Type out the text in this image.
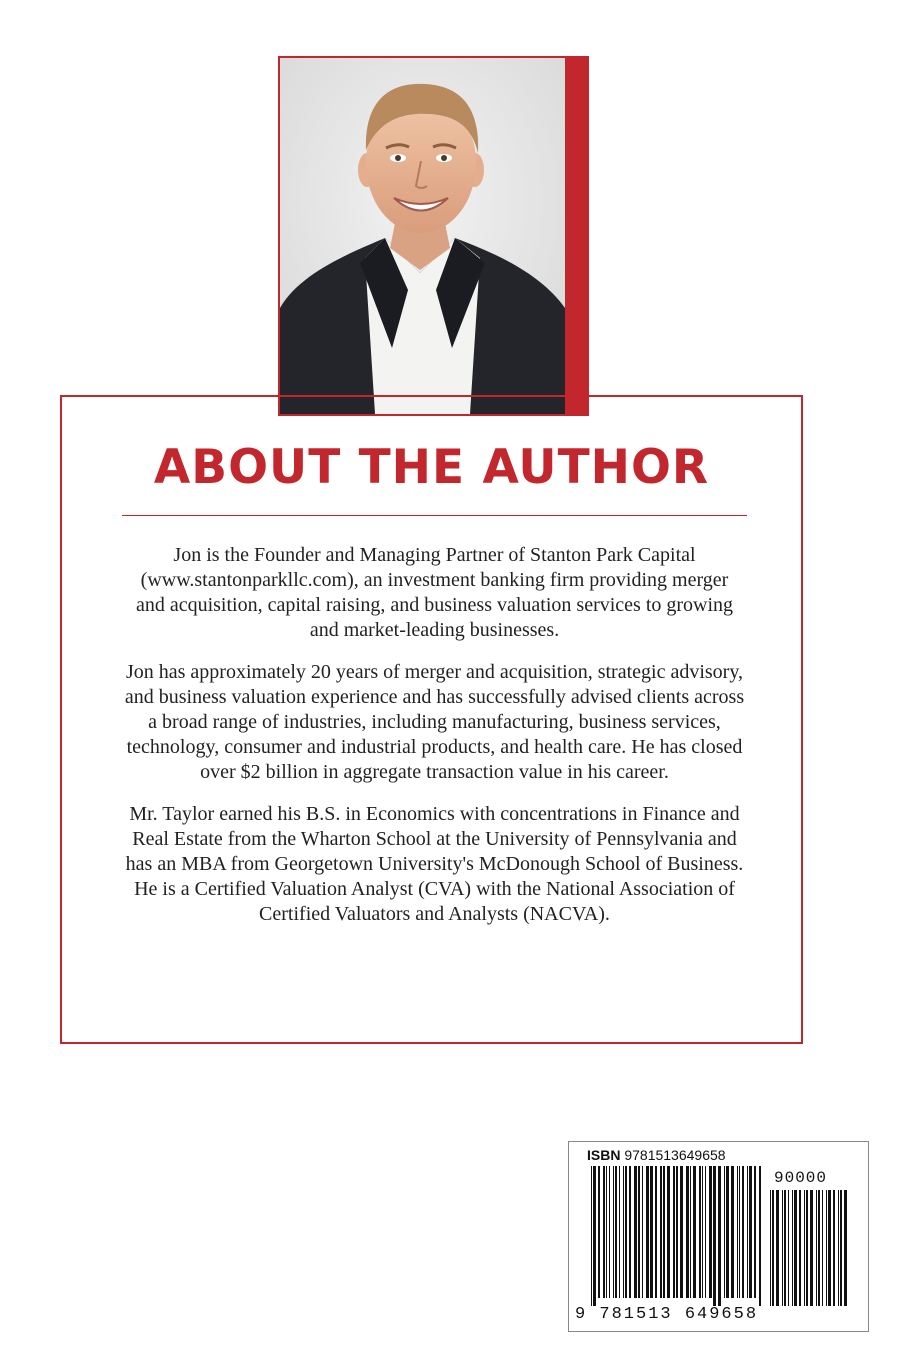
ABOUT THE AUTHOR

Jon is the Founder and Managing Partner of Stanton Park Capital (www.stantonparkllc.com), an investment banking firm providing merger and acquisition, capital raising, and business valuation services to growing and market-leading businesses.

Jon has approximately 20 years of merger and acquisition, strategic advisory, and business valuation experience and has successfully advised clients across a broad range of industries, including manufacturing, business services, technology, consumer and industrial products, and health care. He has closed over $2 billion in aggregate transaction value in his career.

Mr. Taylor earned his B.S. in Economics with concentrations in Finance and Real Estate from the Wharton School at the University of Pennsylvania and has an MBA from Georgetown University's McDonough School of Business. He is a Certified Valuation Analyst (CVA) with the National Association of Certified Valuators and Analysts (NACVA).

ISBN 9781513649658
90000
9 781513 649658
